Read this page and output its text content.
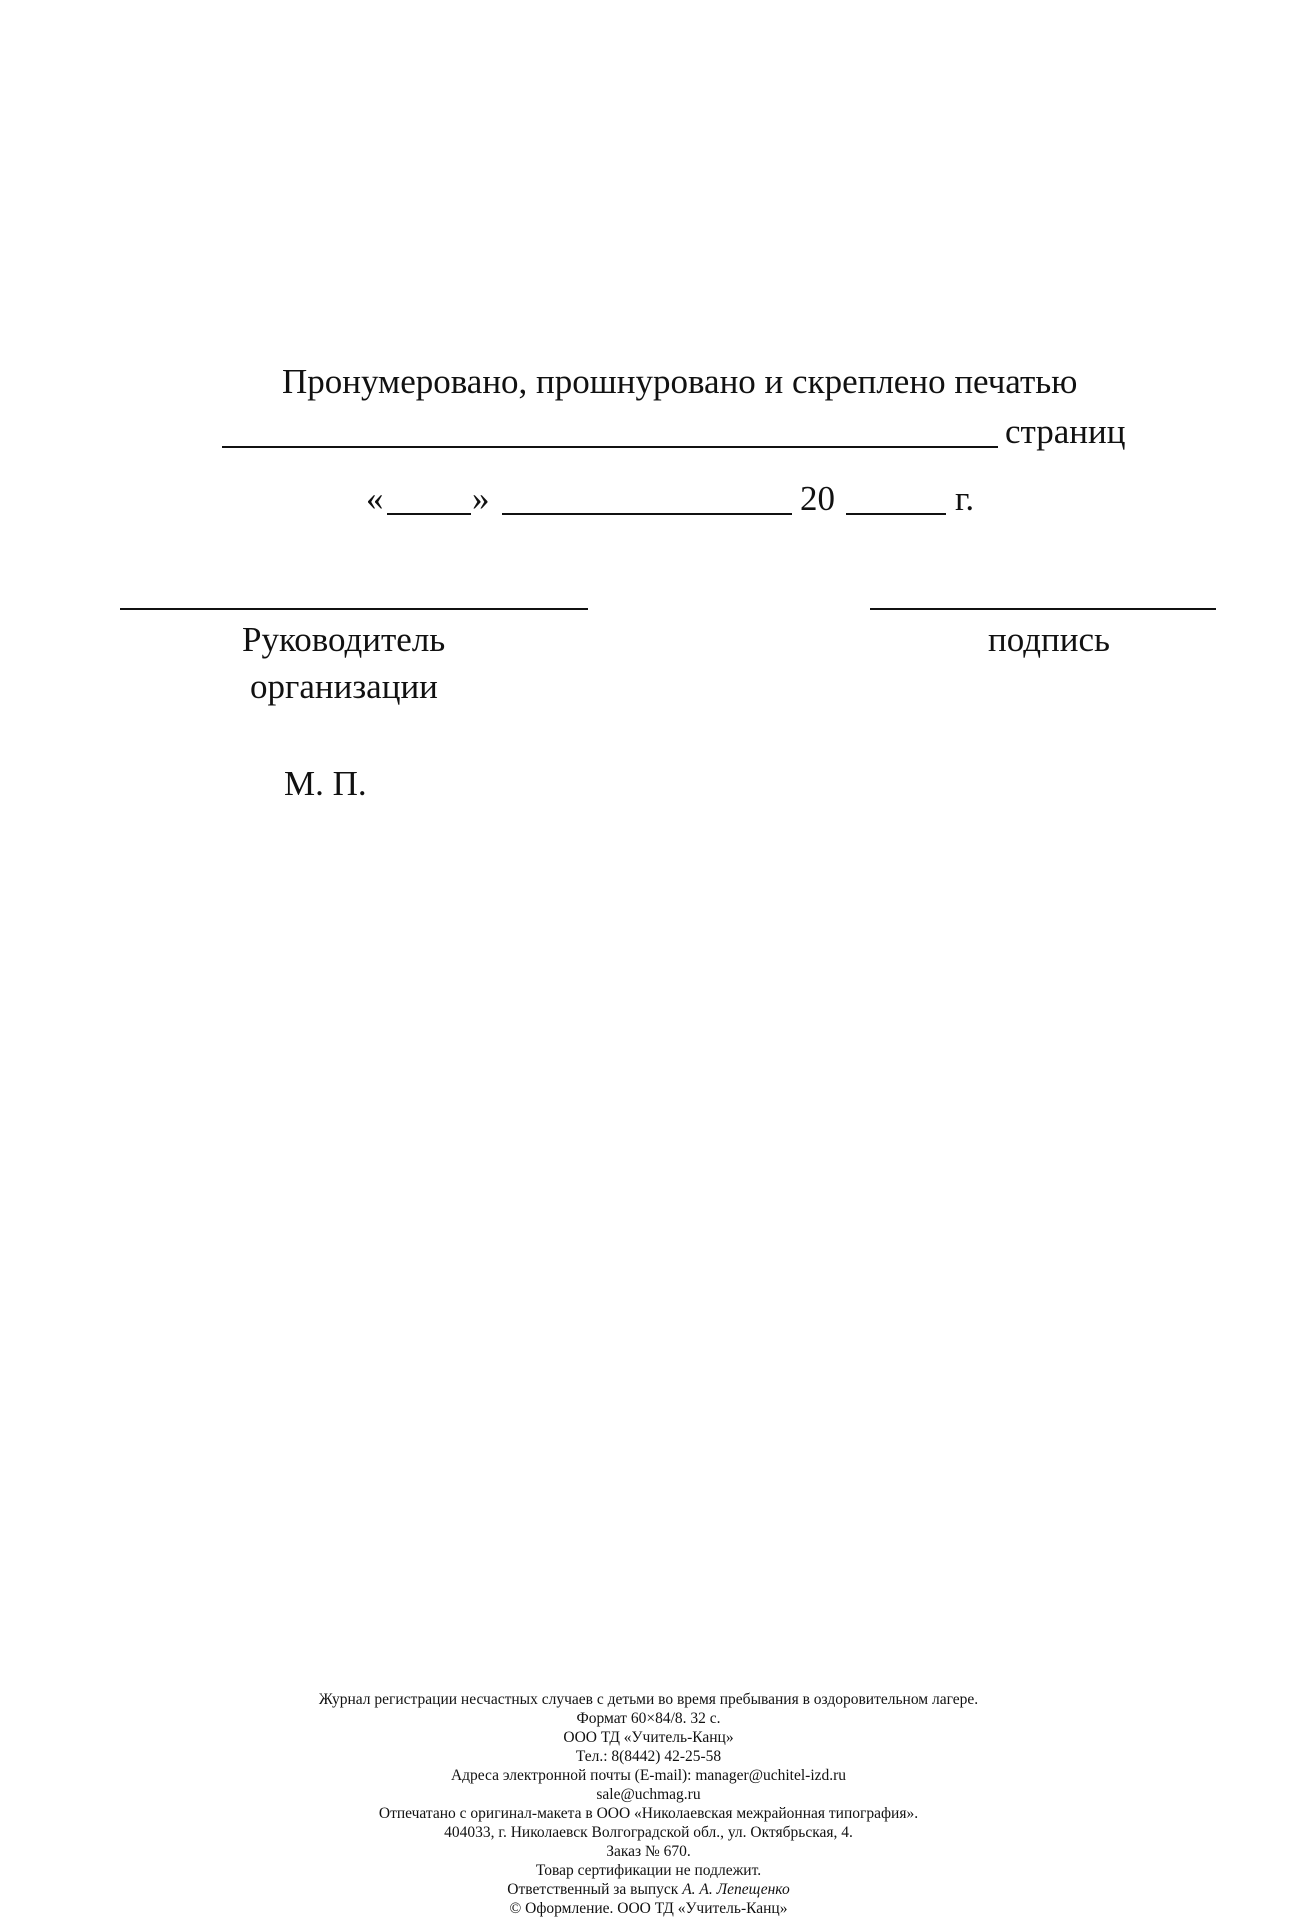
Пронумеровано, прошнуровано и скреплено печатью
страниц
«	»	20	г.
Руководитель
организации
подпись
М. П.
Журнал регистрации несчастных случаев с детьми во время пребывания в оздоровительном лагере.
Формат 60×84/8. 32 с.
ООО ТД «Учитель-Канц»
Тел.: 8(8442) 42-25-58
Адреса электронной почты (E-mail): manager@uchitel-izd.ru
sale@uchmag.ru
Отпечатано с оригинал-макета в ООО «Николаевская межрайонная типография».
404033, г. Николаевск Волгоградской обл., ул. Октябрьская, 4.
Заказ № 670.
Товар сертификации не подлежит.
Ответственный за выпуск А. А. Лепещенко
© Оформление. ООО ТД «Учитель-Канц»
